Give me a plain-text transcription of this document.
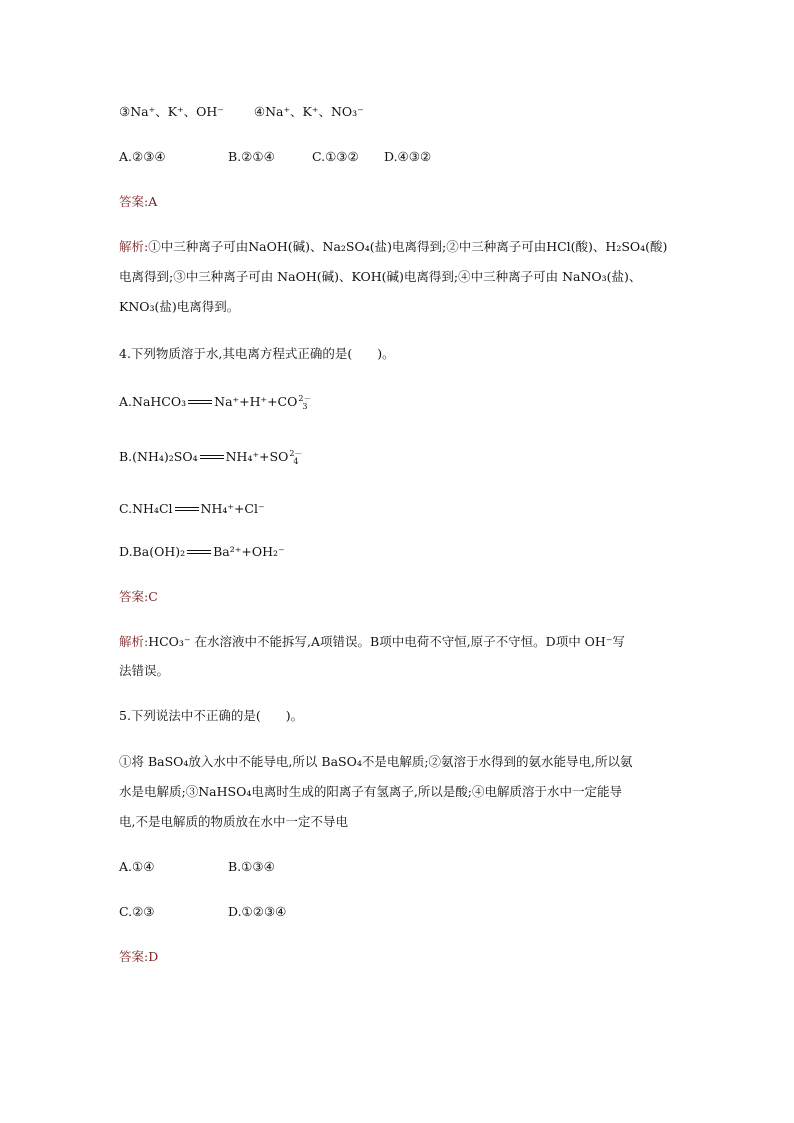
③Na⁺、K⁺、OH⁻ ④Na⁺、K⁺、NO₃⁻
A.②③④	B.②①④	C.①③② D.④③②
答案:A
解析:①中三种离子可由NaOH(碱)、Na₂SO₄(盐)电离得到;②中三种离子可由HCl(酸)、H₂SO₄(酸)
电离得到;③中三种离子可由 NaOH(碱)、KOH(碱)电离得到;④中三种离子可由 NaNO₃(盐)、
KNO₃(盐)电离得到。
4.下列物质溶于水,其电离方程式正确的是(　　)。
A.NaHCO₃ Na⁺+H⁺+CO 2－
3
B.(NH₄)₂SO₄ NH₄⁺+SO 2－
4
C.NH₄Cl NH₄⁺+Cl⁻
D.Ba(OH)₂ Ba²⁺+OH₂⁻
答案:C
解析:HCO₃⁻ 在水溶液中不能拆写,A项错误。B项中电荷不守恒,原子不守恒。D项中 OH⁻写
法错误。
5.下列说法中不正确的是(　　)。
①将 BaSO₄放入水中不能导电,所以 BaSO₄不是电解质;②氨溶于水得到的氨水能导电,所以氨
水是电解质;③NaHSO₄电离时生成的阳离子有氢离子,所以是酸;④电解质溶于水中一定能导
电,不是电解质的物质放在水中一定不导电
A.①④	B.①③④
C.②③	D.①②③④
答案:D
